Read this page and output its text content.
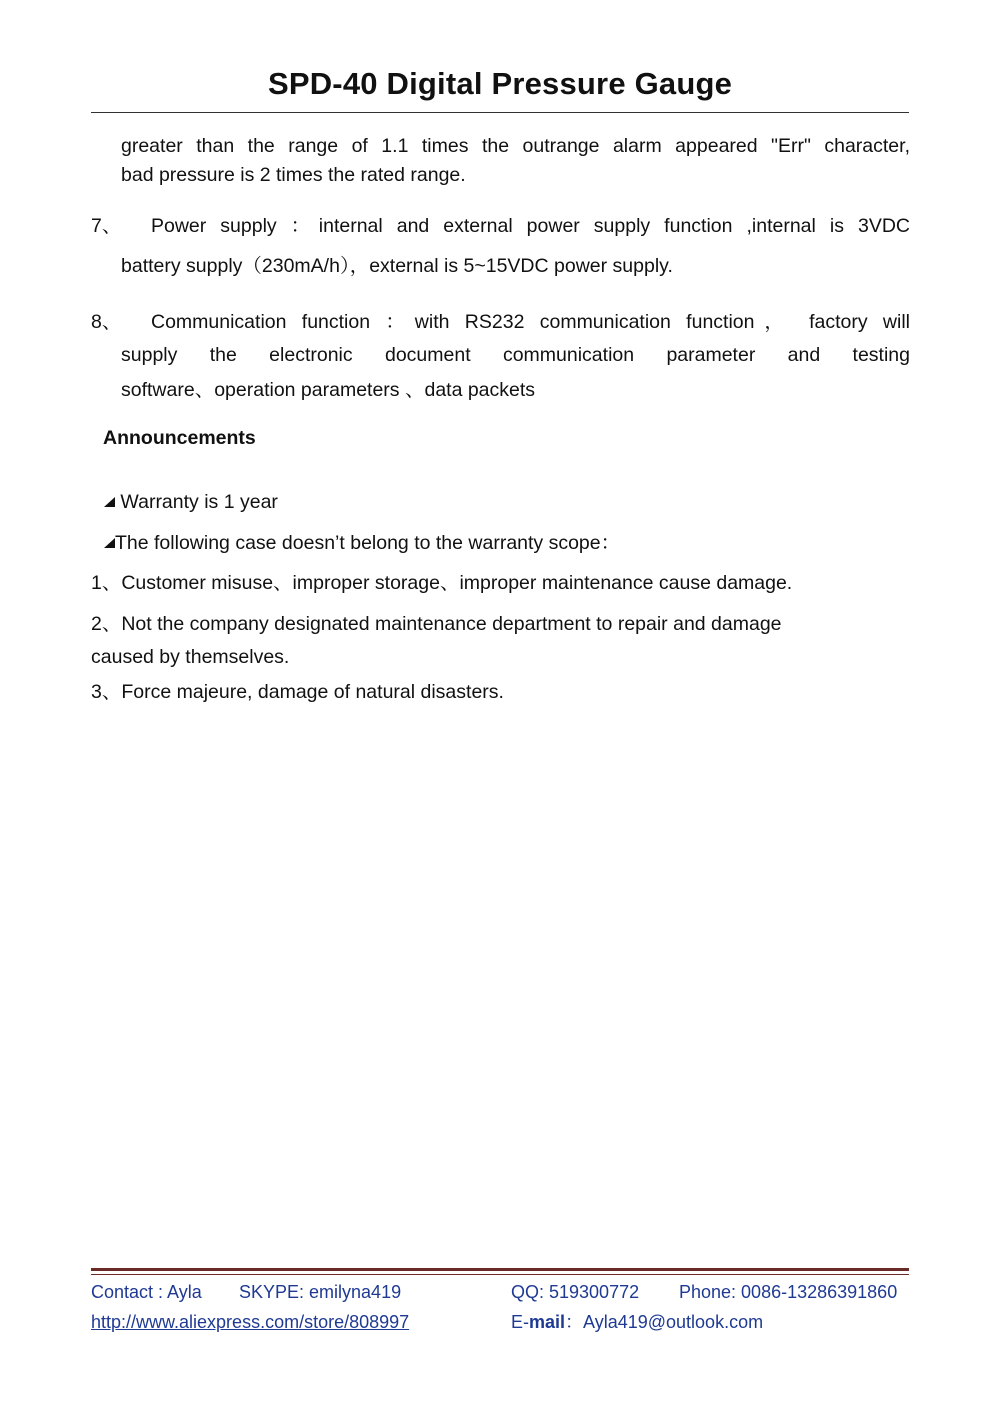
SPD-40 Digital Pressure Gauge
greater than the range of 1.1 times the outrange alarm appeared "Err" character,
bad pressure is 2 times the rated range.
7、 Power supply ：internal and external power supply function ,internal is 3VDC
battery supply（230mA/h），external is 5~15VDC power supply.
8、 Communication function ：with RS232 communication function， factory will
supply the electronic document communication parameter and testing
software、operation parameters 、data packets
Announcements
Warranty is 1 year
The following case doesn’t belong to the warranty scope：
1、Customer misuse、improper storage、improper maintenance cause damage.
2、Not the company designated maintenance department to repair and damage
caused by themselves.
3、Force majeure, damage of natural disasters.
Contact : Ayla SKYPE: emilyna419	QQ: 519300772 Phone: 0086-13286391860
http://www.aliexpress.com/store/808997	E-mail：Ayla419@outlook.com
